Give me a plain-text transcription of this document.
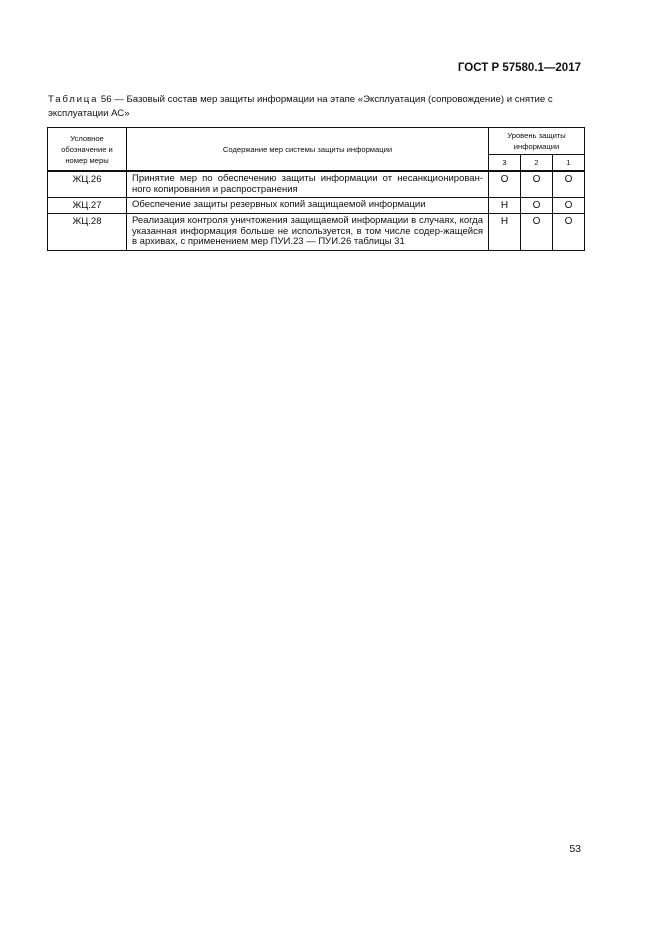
ГОСТ Р 57580.1—2017
Таблица 56 — Базовый состав мер защиты информации на этапе «Эксплуатация (сопровождение) и снятие с эксплуатации АС»
Условное обозначение и номер меры	Содержание мер системы защиты информации	Уровень защиты информации		
		3	2	1
ЖЦ.26	Принятие мер по обеспечению защиты информации от несанкционирован-ного копирования и распространения	О	О	О
ЖЦ.27	Обеспечение защиты резервных копий защищаемой информации	Н	О	О
ЖЦ.28	Реализация контроля уничтожения защищаемой информации в случаях, когда указанная информация больше не используется, в том числе содер-жащейся в архивах, с применением мер ПУИ.23 — ПУИ.26 таблицы 31	Н	О	О
53
